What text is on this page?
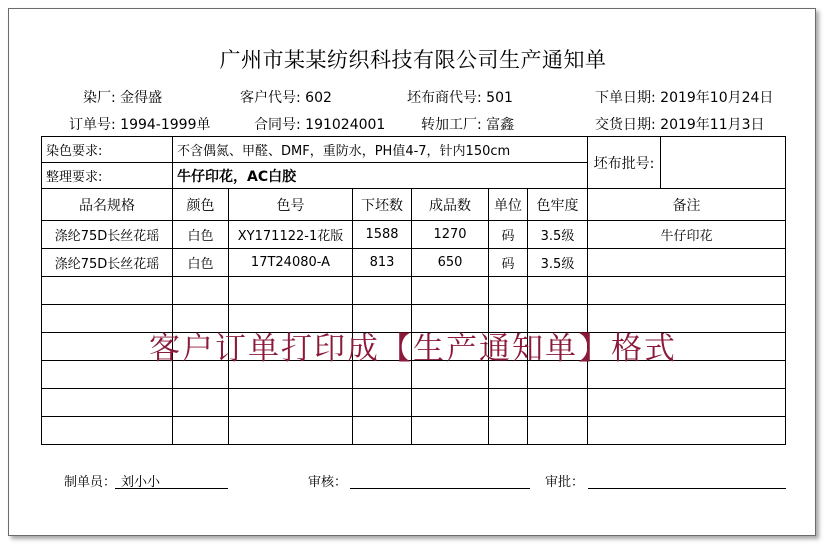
广州市某某纺织科技有限公司生产通知单
染厂: 金得盛	客户代号: 602	坯布商代号: 501	下单日期: 2019年10月24日
订单号: 1994-1999单	合同号: 191024001	转加工厂: 富鑫	交货日期: 2019年11月3日
染色要求:	不含偶氮、甲醛、DMF，重防水，PH值4-7，针内150cm						坯布批号:	
整理要求:	牛仔印花，AC白胶							
品名规格	颜色	色号	下坯数	成品数	单位	色牢度	备注	
涤纶75D长丝花瑶	白色	XY171122-1花版	1588	1270	码	3.5级	牛仔印花	
涤纶75D长丝花瑶	白色	17T24080-A	813	650	码	3.5级		

客户订单打印成【生产通知单】格式
制单员： 刘小小	审核：	审批：
